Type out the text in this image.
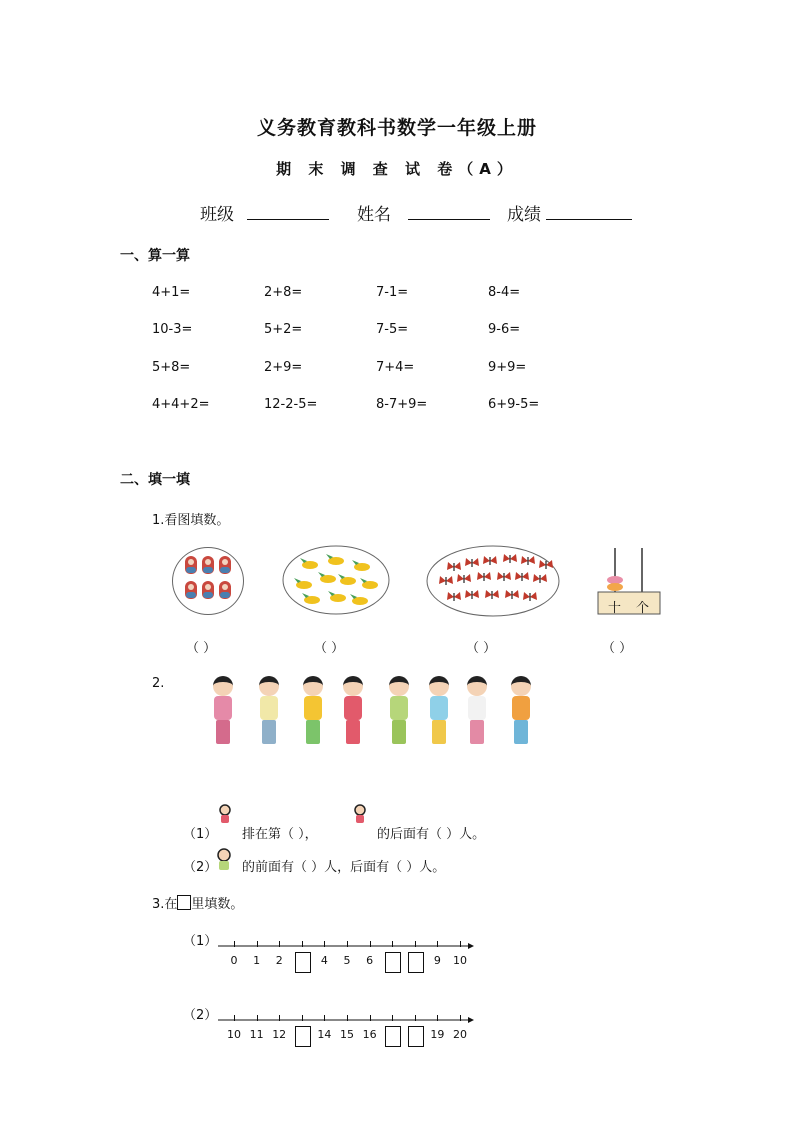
义务教育教科书数学一年级上册
期 末 调 查 试 卷（A）
班级	姓名	成绩
一、算一算
4+1=	2+8=	7-1=	8-4=
10-3=	5+2=	7-5=	9-6=
5+8=	2+9=	7+4=	9+9=
4+4+2=	12-2-5=	8-7+9=	6+9-5=
二、填一填
1.看图填数。
十 个
（ ）	（ ）	（ ）	（ ）
2.
（1） 排在第（ ），	的后面有（ ）人。
（2） 的前面有（ ）人，后面有（ ）人。
3.在 里填数。
（1）
0 1 2	4 5 6	9 10
（2）
10 11 12	14 15 16	19 20
